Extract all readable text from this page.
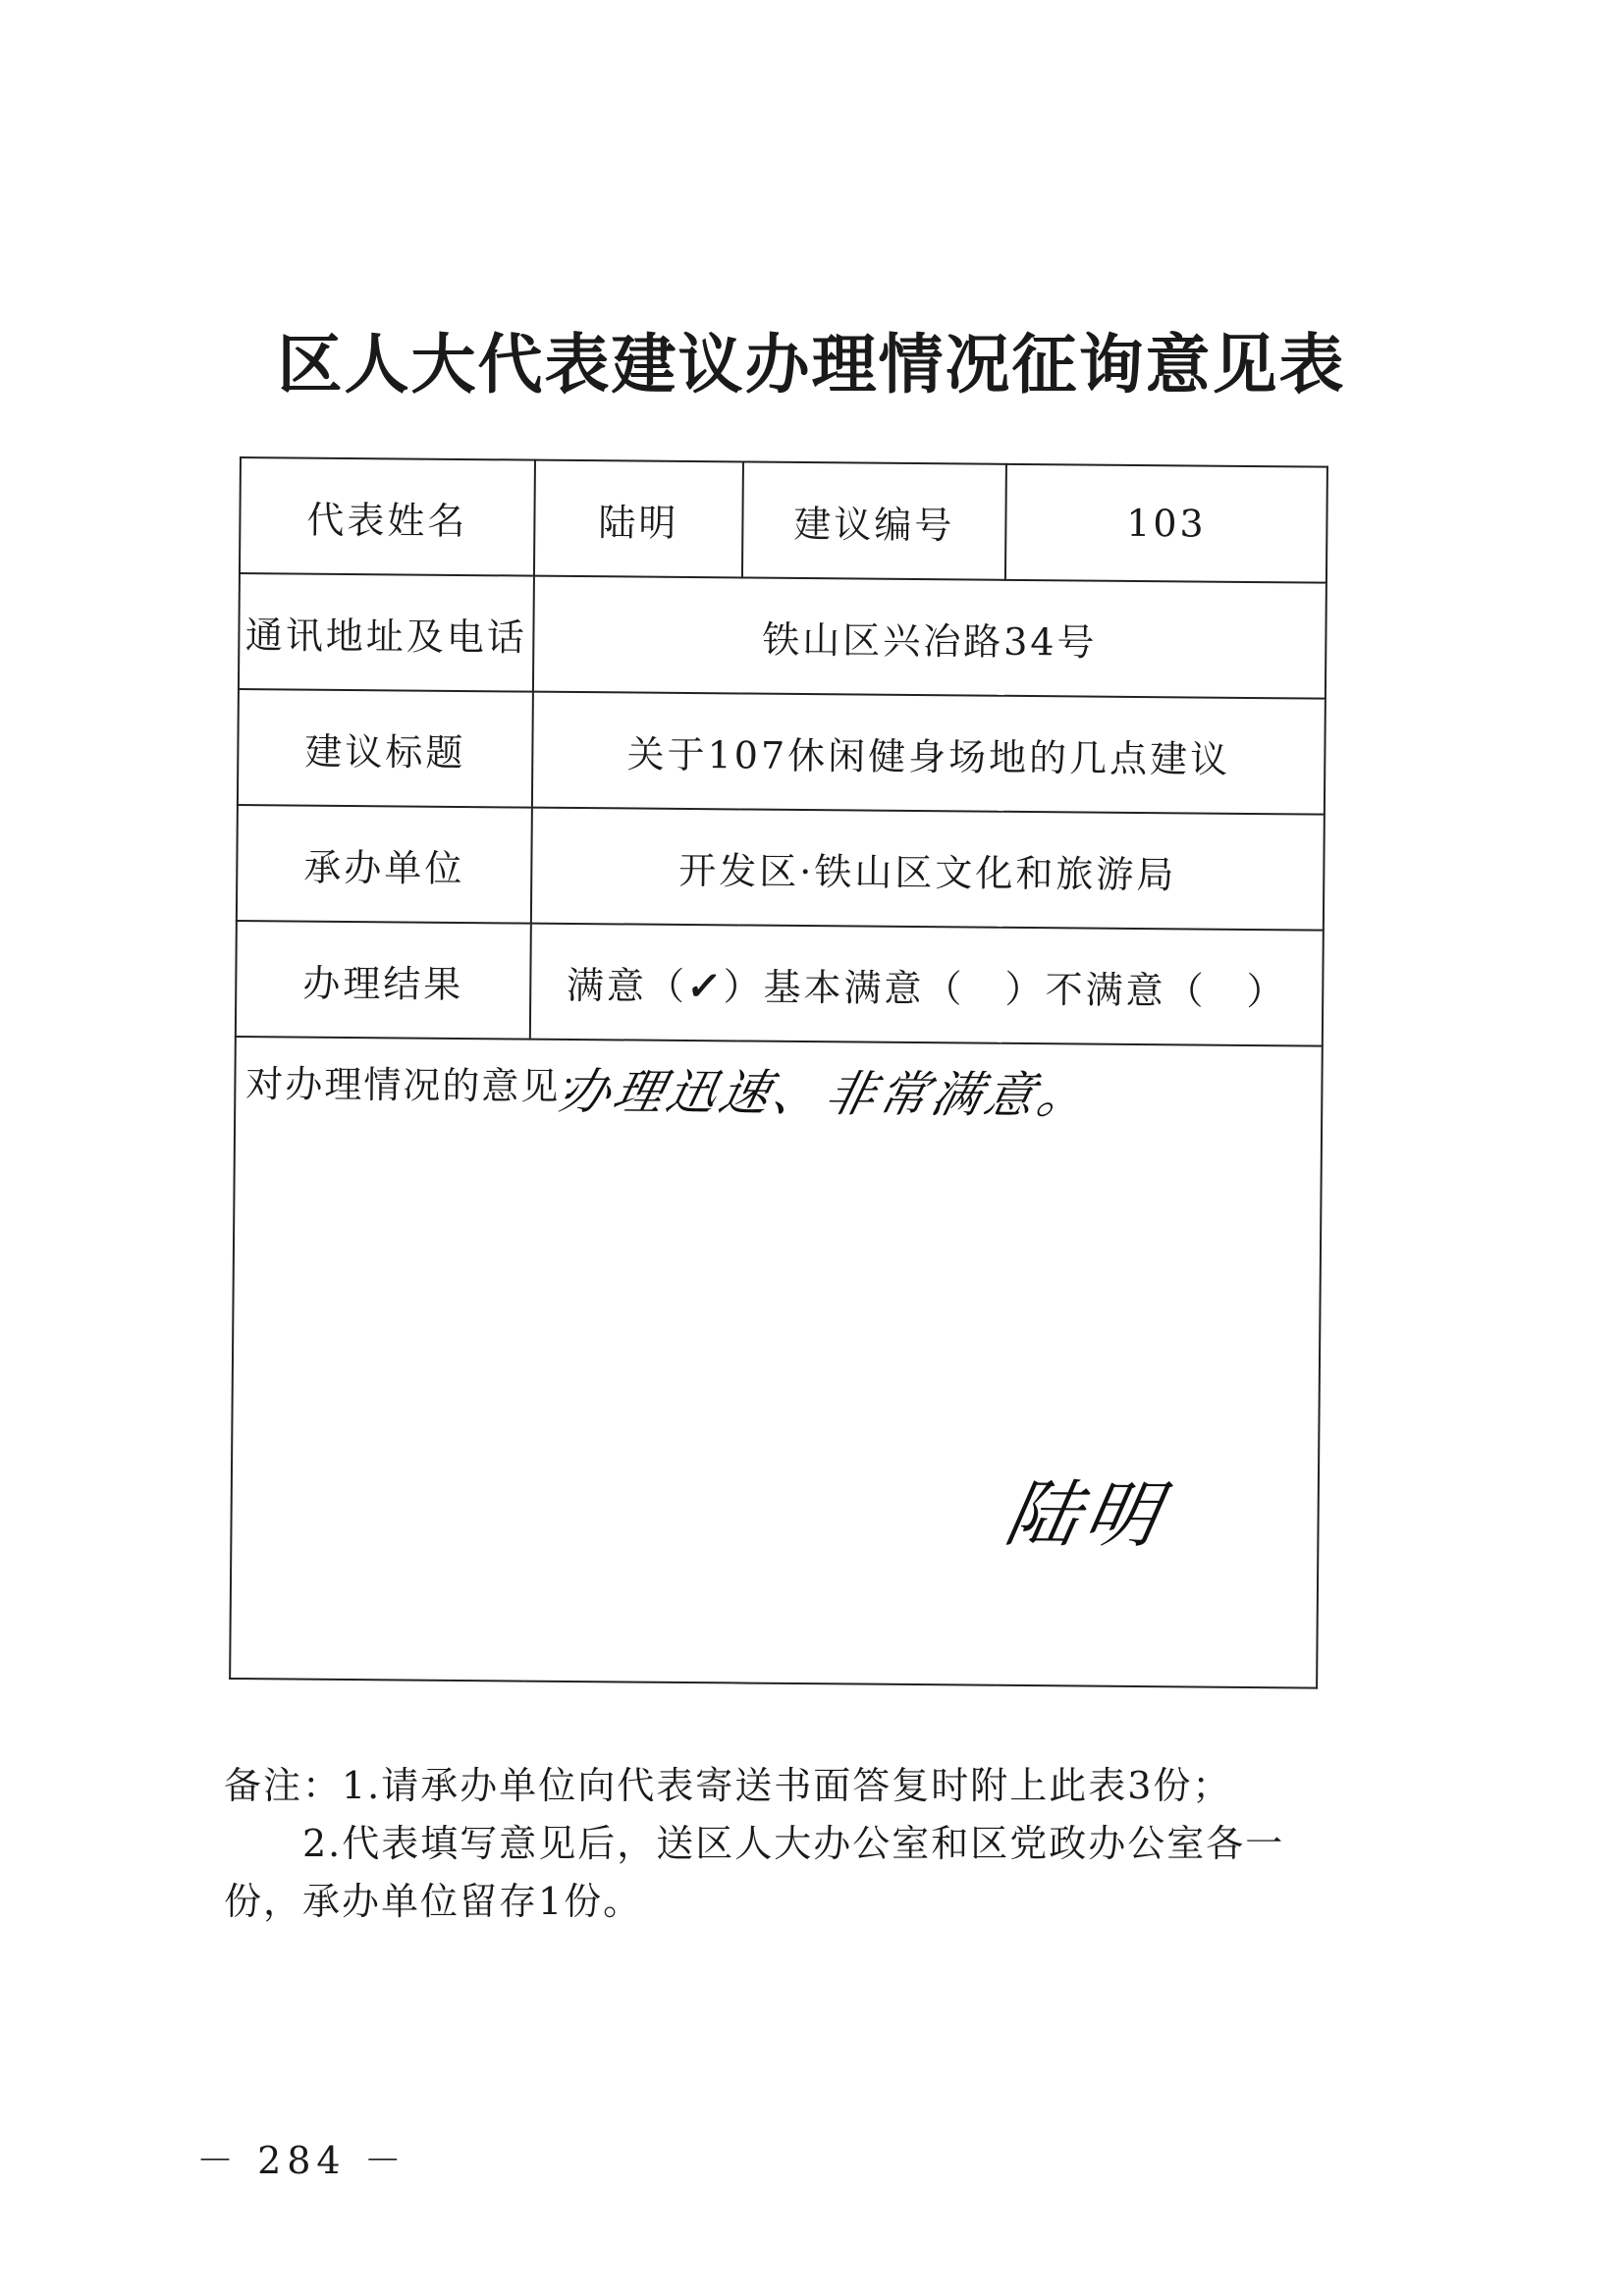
区人大代表建议办理情况征询意见表
代表姓名	陆明	建议编号	103
通讯地址及电话	铁山区兴冶路34号		
建议标题	关于107休闲健身场地的几点建议		
承办单位	开发区·铁山区文化和旅游局		
办理结果	满意（✓）基本满意（　）不满意（　）		

对办理情况的意见：
办理迅速、非常满意。
陆明			

备注：1.请承办单位向代表寄送书面答复时附上此表3份；

2.代表填写意见后，送区人大办公室和区党政办公室各一

份，承办单位留存1份。

－ 284 －
